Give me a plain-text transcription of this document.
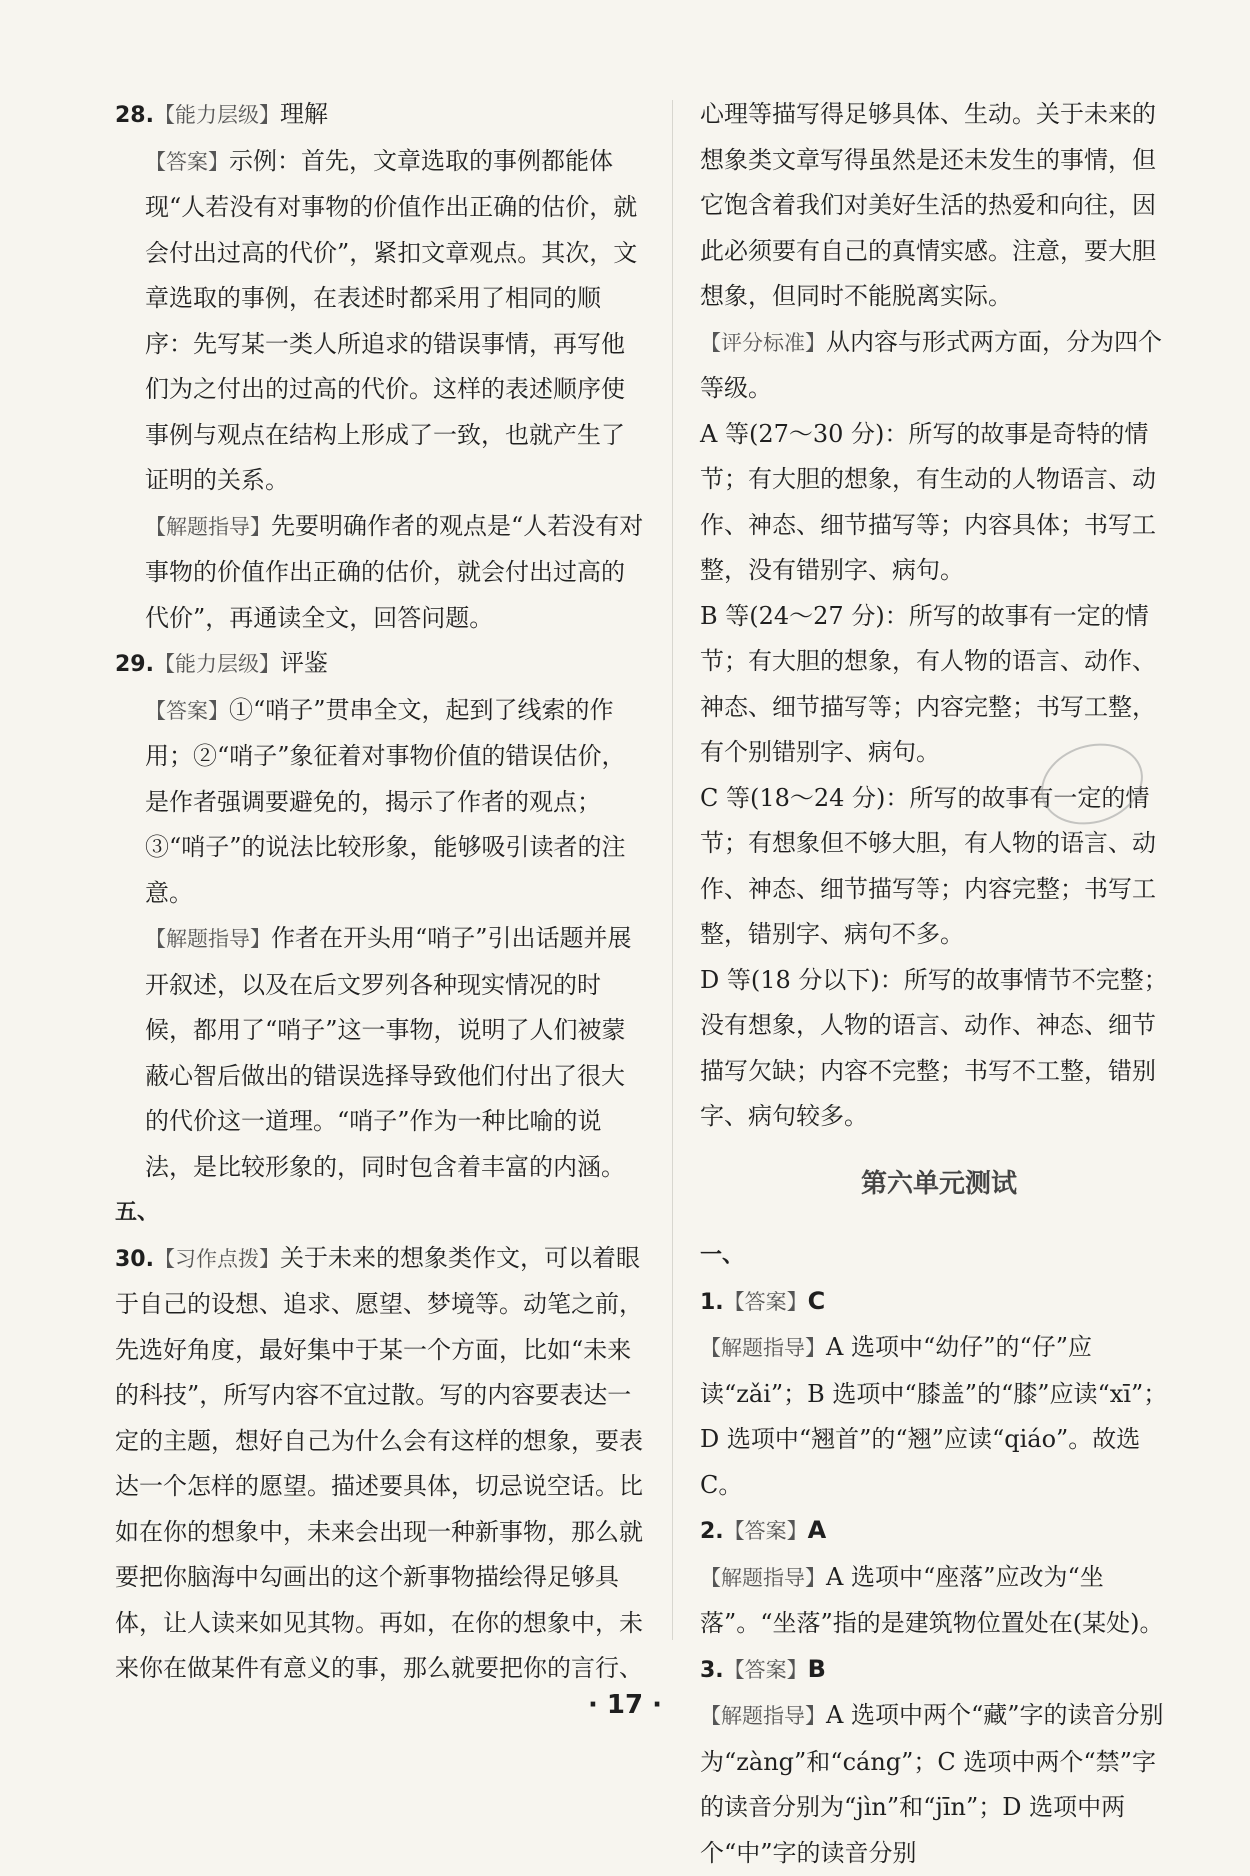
28.【能力层级】理解

【答案】示例：首先，文章选取的事例都能体现“人若没有对事物的价值作出正确的估价，就会付出过高的代价”，紧扣文章观点。其次，文章选取的事例，在表述时都采用了相同的顺序：先写某一类人所追求的错误事情，再写他们为之付出的过高的代价。这样的表述顺序使事例与观点在结构上形成了一致，也就产生了证明的关系。

【解题指导】先要明确作者的观点是“人若没有对事物的价值作出正确的估价，就会付出过高的代价”，再通读全文，回答问题。

29.【能力层级】评鉴

【答案】①“哨子”贯串全文，起到了线索的作用；②“哨子”象征着对事物价值的错误估价，是作者强调要避免的，揭示了作者的观点；③“哨子”的说法比较形象，能够吸引读者的注意。

【解题指导】作者在开头用“哨子”引出话题并展开叙述，以及在后文罗列各种现实情况的时候，都用了“哨子”这一事物，说明了人们被蒙蔽心智后做出的错误选择导致他们付出了很大的代价这一道理。“哨子”作为一种比喻的说法，是比较形象的，同时包含着丰富的内涵。

五、

30.【习作点拨】关于未来的想象类作文，可以着眼于自己的设想、追求、愿望、梦境等。动笔之前，先选好角度，最好集中于某一个方面，比如“未来的科技”，所写内容不宜过散。写的内容要表达一定的主题，想好自己为什么会有这样的想象，要表达一个怎样的愿望。描述要具体，切忌说空话。比如在你的想象中，未来会出现一种新事物，那么就要把你脑海中勾画出的这个新事物描绘得足够具体，让人读来如见其物。再如，在你的想象中，未来你在做某件有意义的事，那么就要把你的言行、

心理等描写得足够具体、生动。关于未来的想象类文章写得虽然是还未发生的事情，但它饱含着我们对美好生活的热爱和向往，因此必须要有自己的真情实感。注意，要大胆想象，但同时不能脱离实际。

【评分标准】从内容与形式两方面，分为四个等级。

A 等(27～30 分)：所写的故事是奇特的情节；有大胆的想象，有生动的人物语言、动作、神态、细节描写等；内容具体；书写工整，没有错别字、病句。

B 等(24～27 分)：所写的故事有一定的情节；有大胆的想象，有人物的语言、动作、神态、细节描写等；内容完整；书写工整，有个别错别字、病句。

C 等(18～24 分)：所写的故事有一定的情节；有想象但不够大胆，有人物的语言、动作、神态、细节描写等；内容完整；书写工整，错别字、病句不多。

D 等(18 分以下)：所写的故事情节不完整；没有想象，人物的语言、动作、神态、细节描写欠缺；内容不完整；书写不工整，错别字、病句较多。

第六单元测试

一、

1.【答案】C

【解题指导】A 选项中“幼仔”的“仔”应读“zǎi”；B 选项中“膝盖”的“膝”应读“xī”；D 选项中“翘首”的“翘”应读“qiáo”。故选 C。

2.【答案】A

【解题指导】A 选项中“座落”应改为“坐落”。“坐落”指的是建筑物位置处在(某处)。

3.【答案】B

【解题指导】A 选项中两个“藏”字的读音分别为“zàng”和“cáng”；C 选项中两个“禁”字的读音分别为“jìn”和“jīn”；D 选项中两个“中”字的读音分别

· 17 ·
